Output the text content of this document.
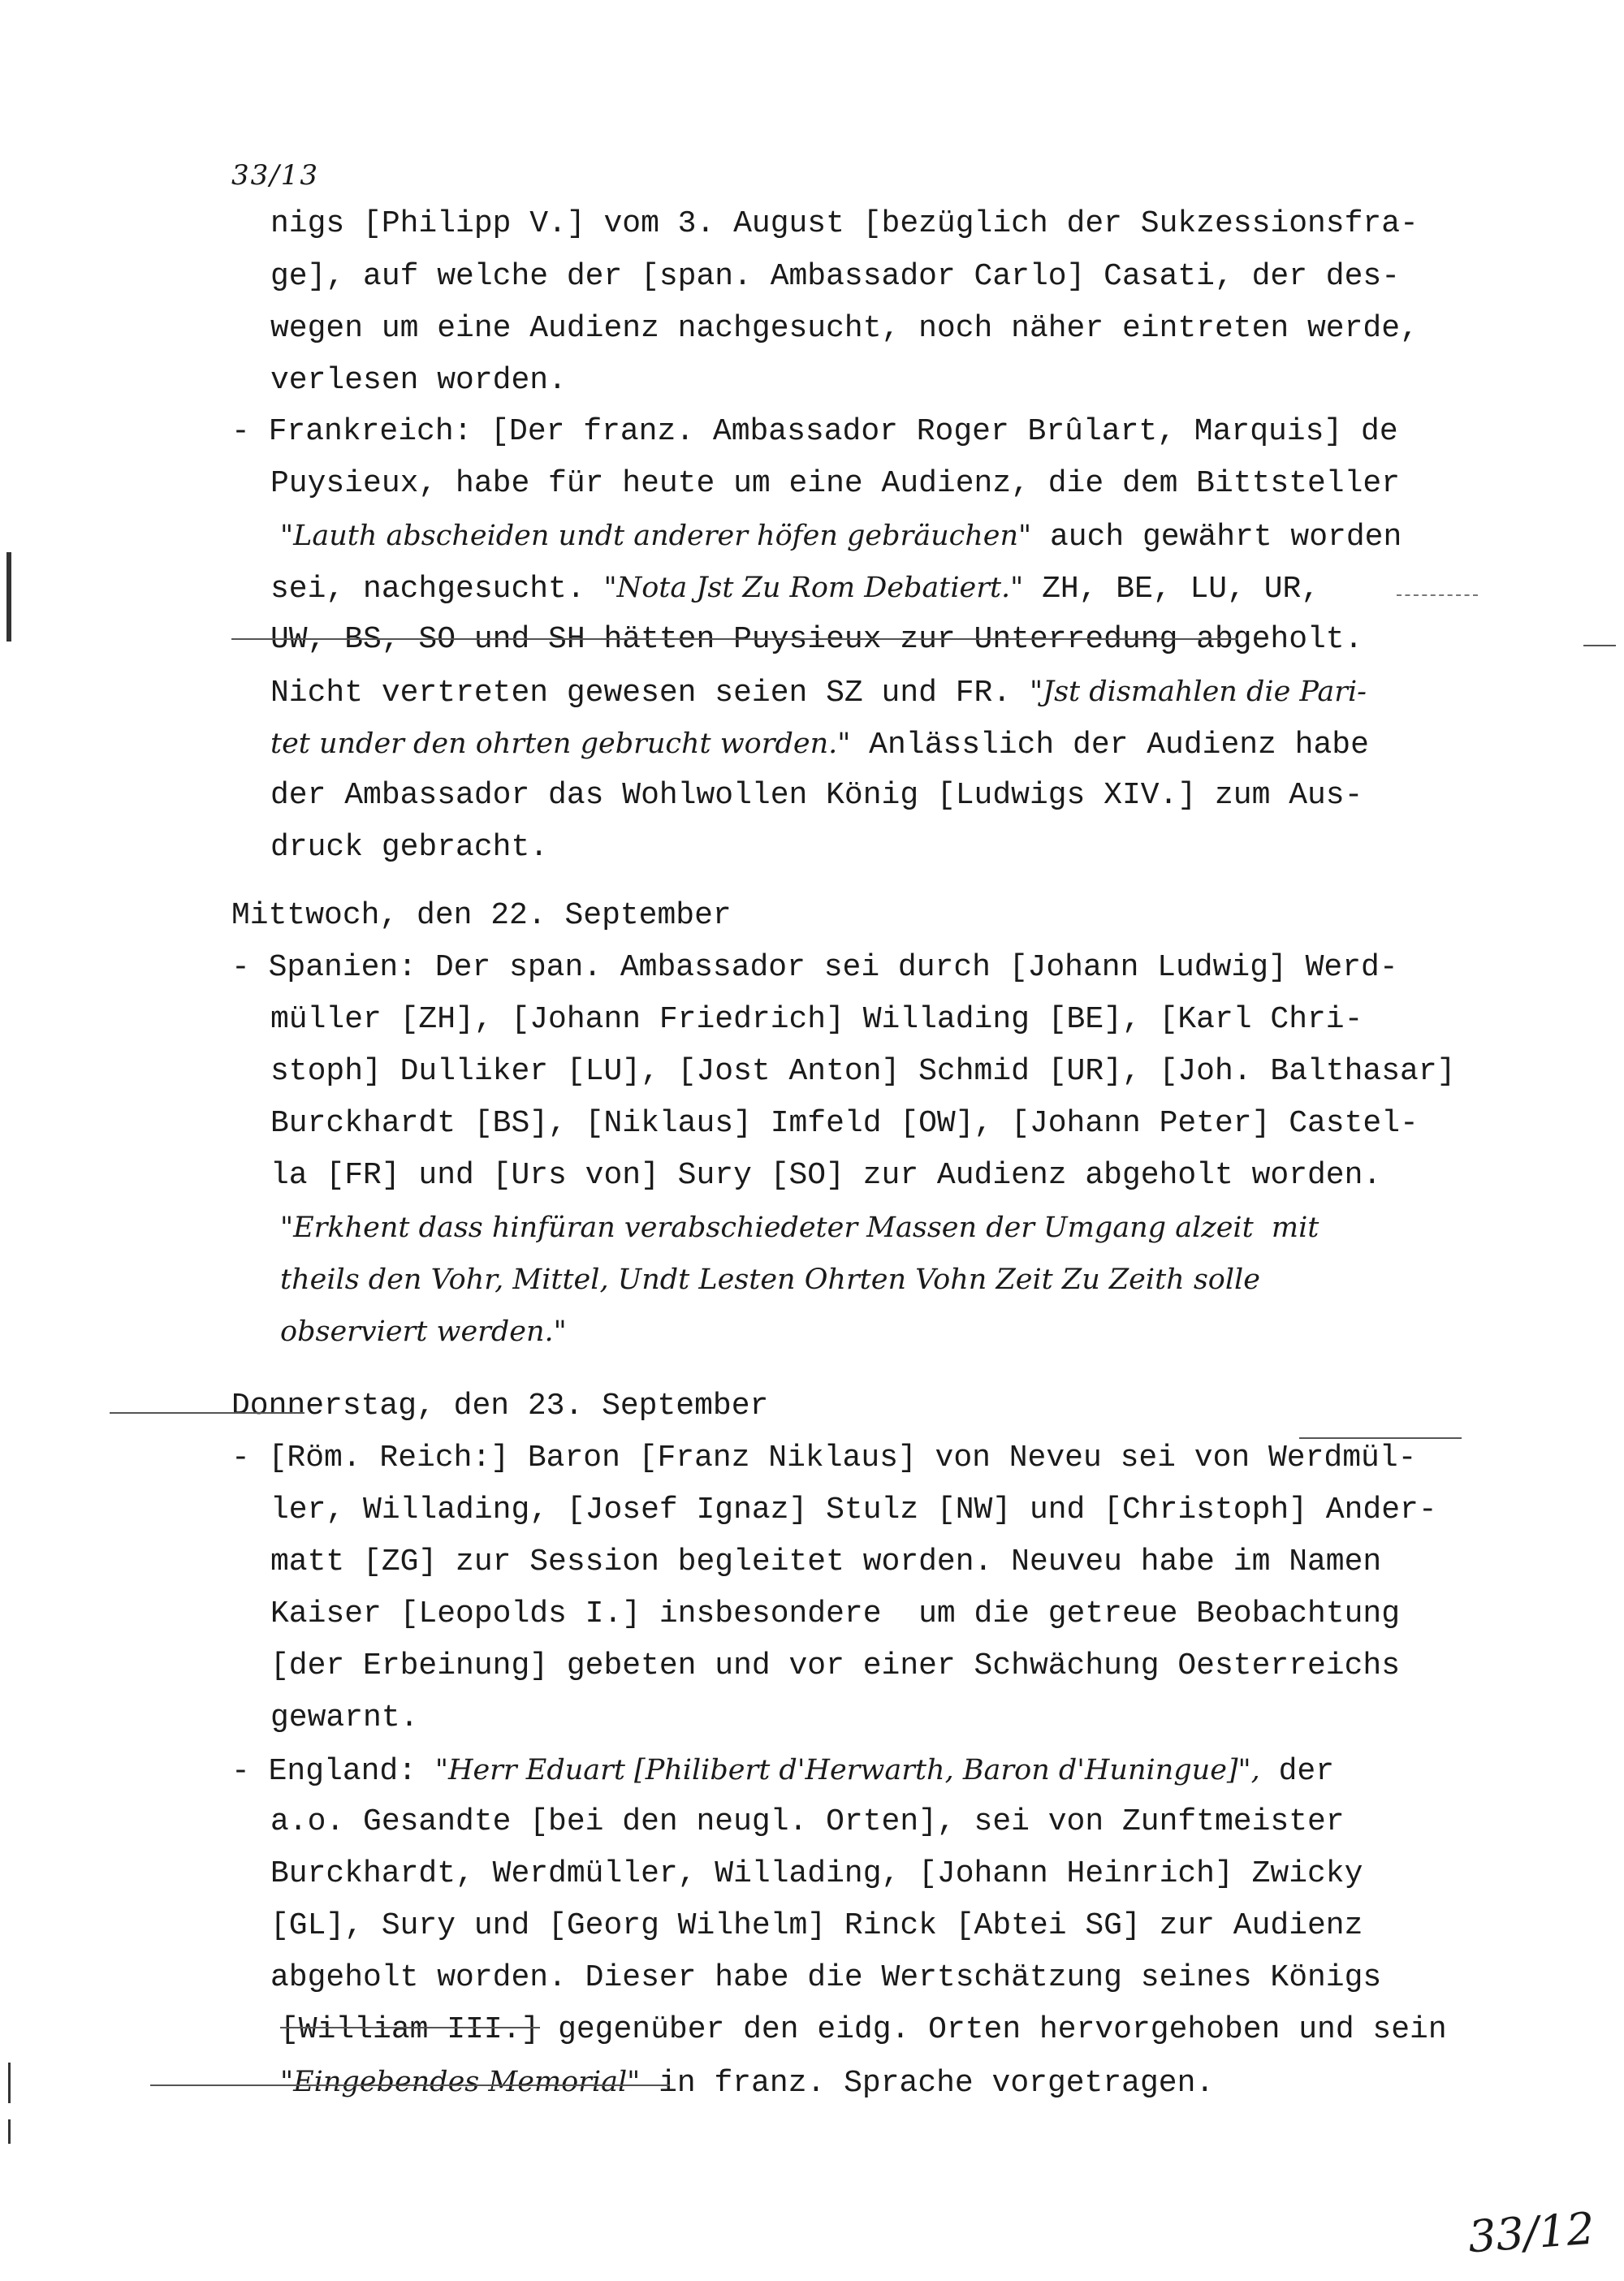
33/13
nigs [Philipp V.] vom 3. August [bezüglich der Sukzessionsfra-
ge], auf welche der [span. Ambassador Carlo] Casati, der des-
wegen um eine Audienz nachgesucht, noch näher eintreten werde,
verlesen worden.
- Frankreich: [Der franz. Ambassador Roger Brûlart, Marquis] de
Puysieux, habe für heute um eine Audienz, die dem Bittsteller
"Lauth abscheiden undt anderer höfen gebräuchen" auch gewährt worden
sei, nachgesucht. "Nota Jst Zu Rom Debatiert." ZH, BE, LU, UR,
UW, BS, SO und SH hätten Puysieux zur Unterredung abgeholt.
Nicht vertreten gewesen seien SZ und FR. "Jst dismahlen die Pari-
tet under den ohrten gebrucht worden." Anlässlich der Audienz habe
der Ambassador das Wohlwollen König [Ludwigs XIV.] zum Aus-
druck gebracht.
Mittwoch, den 22. September
- Spanien: Der span. Ambassador sei durch [Johann Ludwig] Werd-
müller [ZH], [Johann Friedrich] Willading [BE], [Karl Chri-
stoph] Dulliker [LU], [Jost Anton] Schmid [UR], [Joh. Balthasar]
Burckhardt [BS], [Niklaus] Imfeld [OW], [Johann Peter] Castel-
la [FR] und [Urs von] Sury [SO] zur Audienz abgeholt worden.
"Erkhent dass hinfüran verabschiedeter Massen der Umgang alzeit  mit
theils den Vohr, Mittel, Undt Lesten Ohrten Vohn Zeit Zu Zeith solle
observiert werden."
Donnerstag, den 23. September
- [Röm. Reich:] Baron [Franz Niklaus] von Neveu sei von Werdmül-
ler, Willading, [Josef Ignaz] Stulz [NW] und [Christoph] Ander-
matt [ZG] zur Session begleitet worden. Neuveu habe im Namen
Kaiser [Leopolds I.] insbesondere  um die getreue Beobachtung
[der Erbeinung] gebeten und vor einer Schwächung Oesterreichs
gewarnt.
- England: "Herr Eduart [Philibert d'Herwarth, Baron d'Huningue]", der
a.o. Gesandte [bei den neugl. Orten], sei von Zunftmeister
Burckhardt, Werdmüller, Willading, [Johann Heinrich] Zwicky
[GL], Sury und [Georg Wilhelm] Rinck [Abtei SG] zur Audienz
abgeholt worden. Dieser habe die Wertschätzung seines Königs
[William III.] gegenüber den eidg. Orten hervorgehoben und sein
"Eingebendes Memorial" in franz. Sprache vorgetragen.
33/12
